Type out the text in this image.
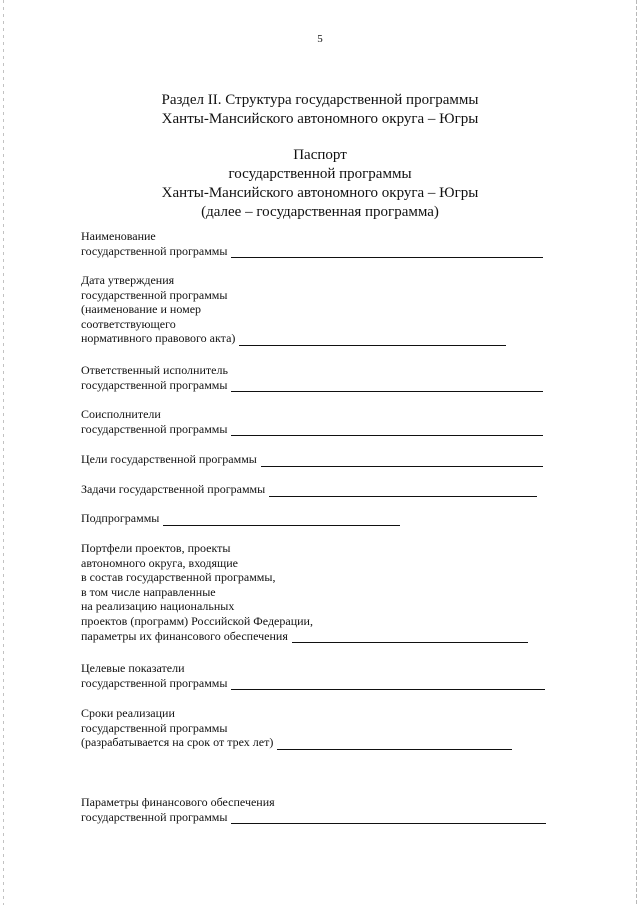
5
Раздел II. Структура государственной программы
Ханты-Мансийского автономного округа – Югры
Паспорт
государственной программы
Ханты-Мансийского автономного округа – Югры
(далее – государственная программа)
Наименование
государственной программы
Дата утверждения
государственной программы
(наименование и номер
соответствующего
нормативного правового акта)
Ответственный исполнитель
государственной программы
Соисполнители
государственной программы
Цели государственной программы
Задачи государственной программы
Подпрограммы
Портфели проектов, проекты
автономного округа, входящие
в состав государственной программы,
в том числе направленные
на реализацию национальных
проектов (программ) Российской Федерации,
параметры их финансового обеспечения
Целевые показатели
государственной программы
Сроки реализации
государственной программы
(разрабатывается на срок от трех лет)
Параметры финансового обеспечения
государственной программы
